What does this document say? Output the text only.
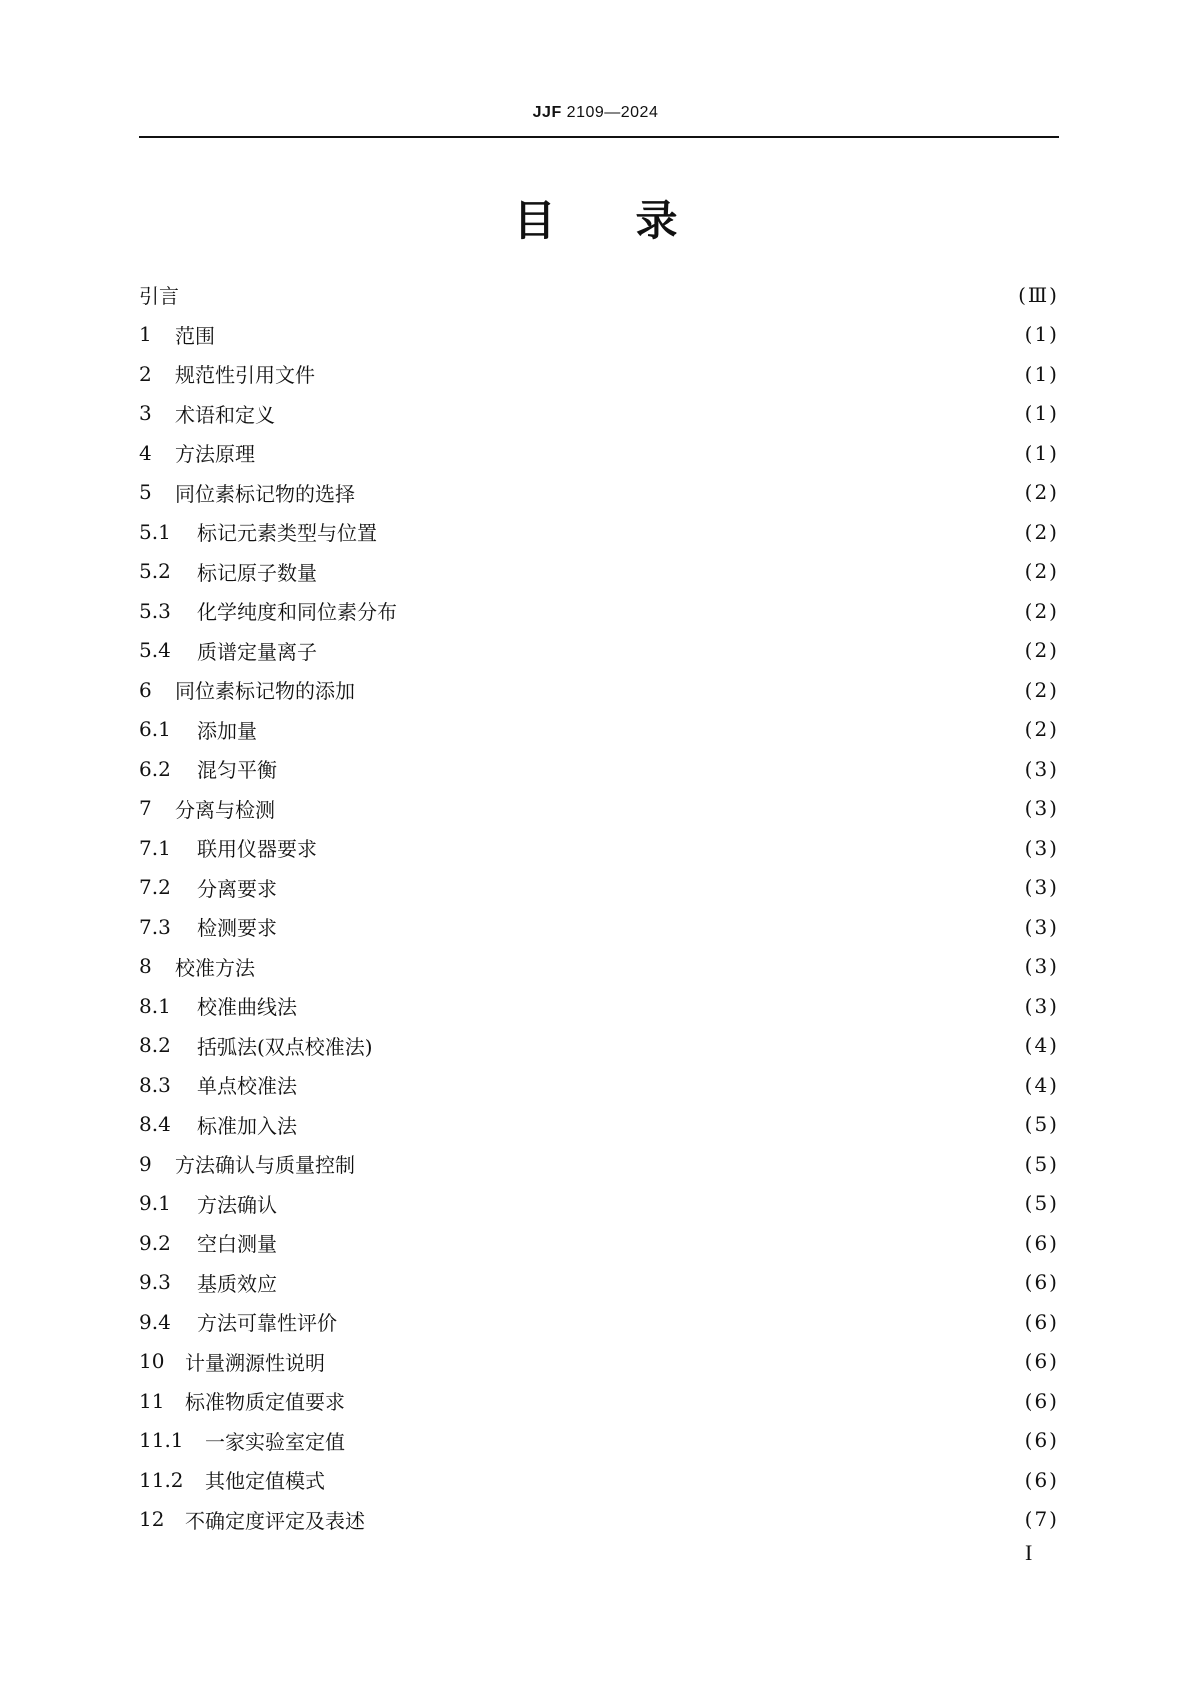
JJF 2109—2024
目录
引言	(Ⅲ)
1	范围	(1)
2	规范性引用文件	(1)
3	术语和定义	(1)
4	方法原理	(1)
5	同位素标记物的选择	(2)
5.1	标记元素类型与位置	(2)
5.2	标记原子数量	(2)
5.3	化学纯度和同位素分布	(2)
5.4	质谱定量离子	(2)
6	同位素标记物的添加	(2)
6.1	添加量	(2)
6.2	混匀平衡	(3)
7	分离与检测	(3)
7.1	联用仪器要求	(3)
7.2	分离要求	(3)
7.3	检测要求	(3)
8	校准方法	(3)
8.1	校准曲线法	(3)
8.2	括弧法(双点校准法)	(4)
8.3	单点校准法	(4)
8.4	标准加入法	(5)
9	方法确认与质量控制	(5)
9.1	方法确认	(5)
9.2	空白测量	(6)
9.3	基质效应	(6)
9.4	方法可靠性评价	(6)
10	计量溯源性说明	(6)
11	标准物质定值要求	(6)
11.1	一家实验室定值	(6)
11.2	其他定值模式	(6)
12	不确定度评定及表述	(7)
I
